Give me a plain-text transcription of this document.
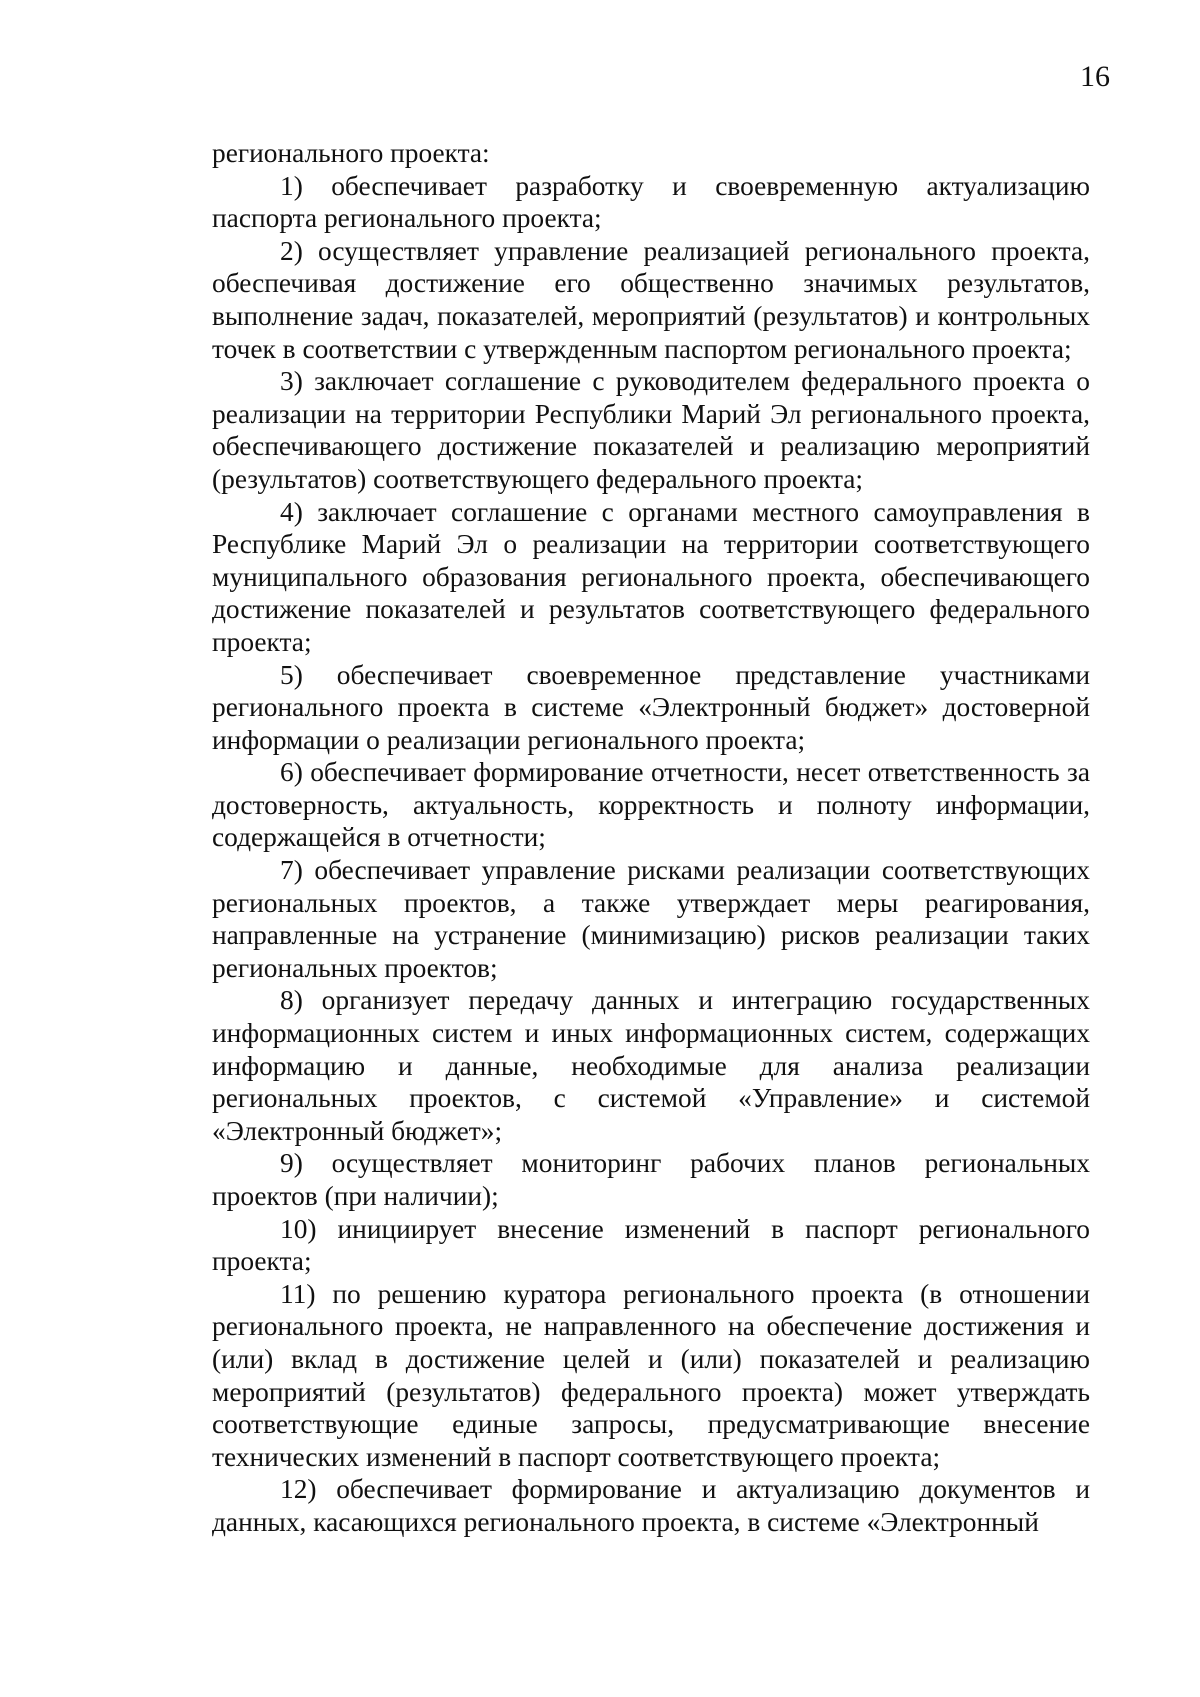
16

регионального проекта:

1) обеспечивает разработку и своевременную актуализацию паспорта регионального проекта;

2) осуществляет управление реализацией регионального проекта, обеспечивая достижение его общественно значимых результатов, выполнение задач, показателей, мероприятий (результатов) и контрольных точек в соответствии с утвержденным паспортом регионального проекта;

3) заключает соглашение с руководителем федерального проекта о реализации на территории Республики Марий Эл регионального проекта, обеспечивающего достижение показателей и реализацию мероприятий (результатов) соответствующего федерального проекта;

4) заключает соглашение с органами местного самоуправления в Республике Марий Эл о реализации на территории соответствующего муниципального образования регионального проекта, обеспечивающего достижение показателей и результатов соответствующего федерального проекта;

5) обеспечивает своевременное представление участниками регионального проекта в системе «Электронный бюджет» достоверной информации о реализации регионального проекта;

6) обеспечивает формирование отчетности, несет ответственность за достоверность, актуальность, корректность и полноту информации, содержащейся в отчетности;

7) обеспечивает управление рисками реализации соответствующих региональных проектов, а также утверждает меры реагирования, направленные на устранение (минимизацию) рисков реализации таких региональных проектов;

8) организует передачу данных и интеграцию государственных информационных систем и иных информационных систем, содержащих информацию и данные, необходимые для анализа реализации региональных проектов, с системой «Управление» и системой «Электронный бюджет»;

9) осуществляет мониторинг рабочих планов региональных проектов (при наличии);

10) инициирует внесение изменений в паспорт регионального проекта;

11) по решению куратора регионального проекта (в отношении регионального проекта, не направленного на обеспечение достижения и (или) вклад в достижение целей и (или) показателей и реализацию мероприятий (результатов) федерального проекта) может утверждать соответствующие единые запросы, предусматривающие внесение технических изменений в паспорт соответствующего проекта;

12) обеспечивает формирование и актуализацию документов и данных, касающихся регионального проекта, в системе «Электронный
